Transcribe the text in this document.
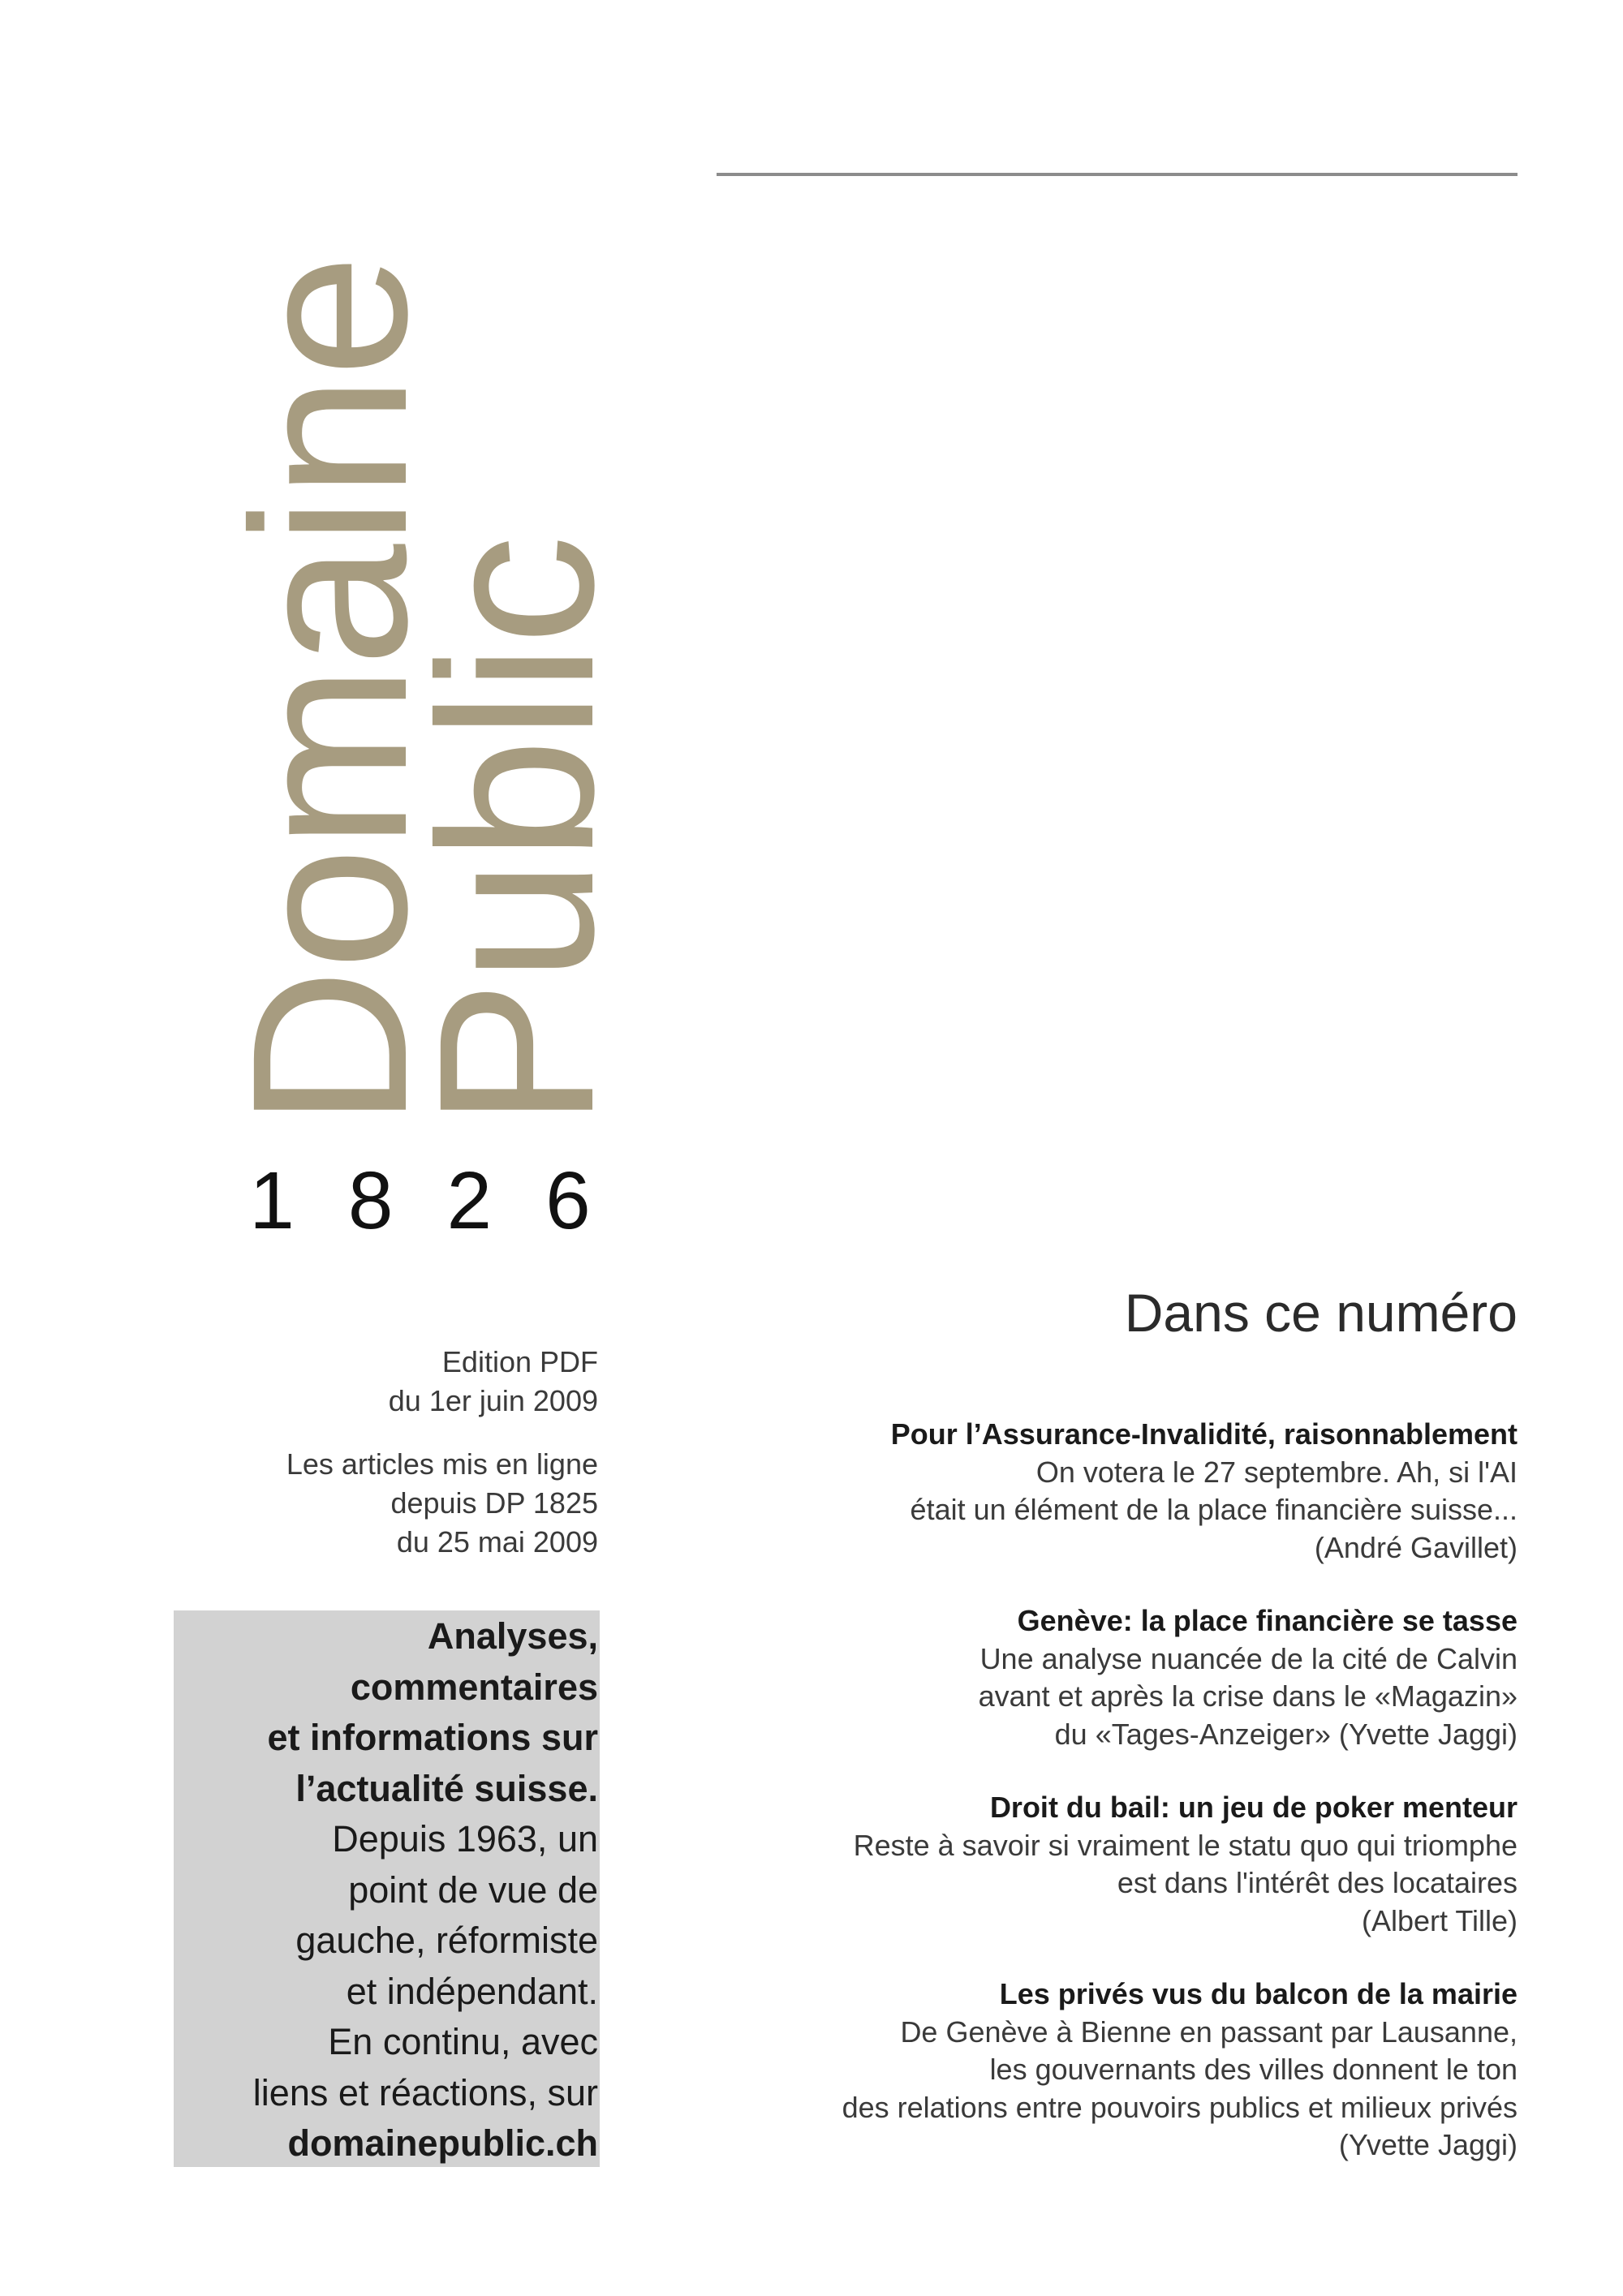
Domaine
Public
1 8 2 6

Edition PDF

du 1er juin 2009

Les articles mis en ligne

depuis DP 1825

du 25 mai 2009

Analyses,
commentaires
et informations sur
l’actualité suisse.
Depuis 1963, un
point de vue de
gauche, réformiste
et indépendant.
En continu, avec
liens et réactions, sur
domainepublic.ch
Dans ce numéro
Pour l’Assurance-Invalidité, raisonnablement
On votera le 27 septembre. Ah, si l'AI
était un élément de la place financière suisse...
(André Gavillet)
Genève: la place financière se tasse
Une analyse nuancée de la cité de Calvin
avant et après la crise dans le «Magazin»
du «Tages-Anzeiger» (Yvette Jaggi)
Droit du bail: un jeu de poker menteur
Reste à savoir si vraiment le statu quo qui triomphe
est dans l'intérêt des locataires
(Albert Tille)
Les privés vus du balcon de la mairie
De Genève à Bienne en passant par Lausanne,
les gouvernants des villes donnent le ton
des relations entre pouvoirs publics et milieux privés
(Yvette Jaggi)
